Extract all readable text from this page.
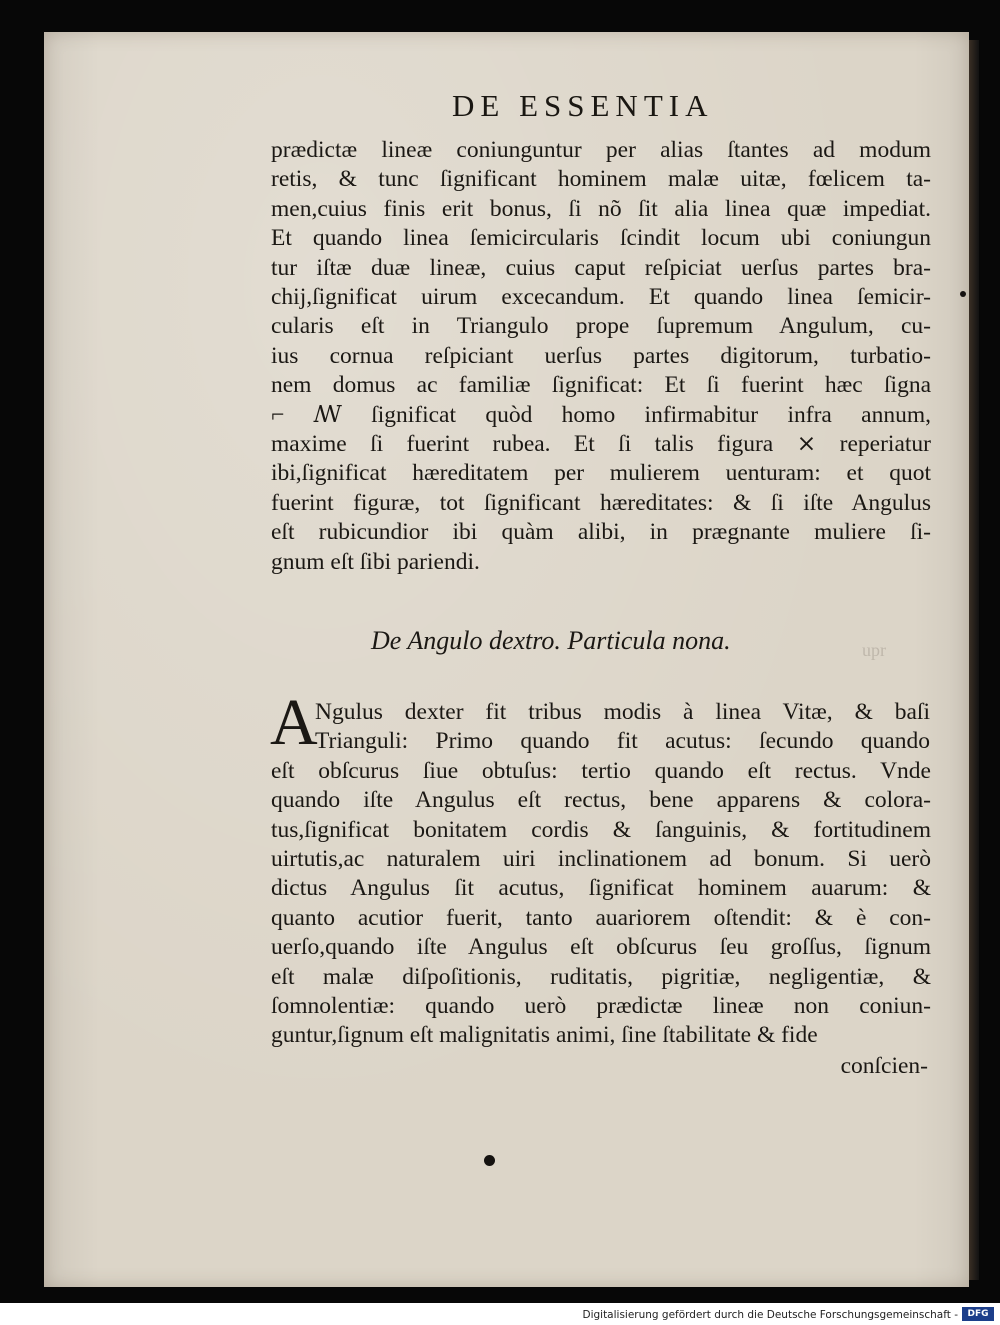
DE ESSENTIA
prædictæ lineæ coniunguntur per alias ſtantes ad modum
retis, & tunc ſignificant hominem malæ uitæ, fœlicem ta-
men,cuius finis erit bonus, ſi nõ ſit alia linea quæ impediat.
Et quando linea ſemicircularis ſcindit locum ubi coniungun
tur iſtæ duæ lineæ, cuius caput reſpiciat uerſus partes bra-
chij,ſignificat uirum excecandum. Et quando linea ſemicir-
cularis eſt in Triangulo prope ſupremum Angulum, cu-
ius cornua reſpiciant uerſus partes digitorum, turbatio-
nem domus ac familiæ ſignificat: Et ſi fuerint hæc ſigna
⌐ ꟿ ſignificat quòd homo infirmabitur infra annum,
maxime ſi fuerint rubea. Et ſi talis figura ⨯ reperiatur
ibi,ſignificat hæreditatem per mulierem uenturam: et quot
fuerint figuræ, tot ſignificant hæreditates: & ſi iſte Angulus
eſt rubicundior ibi quàm alibi, in prægnante muliere ſi-
gnum eſt ſibi pariendi.
De Angulo dextro. Particula nona.
A
Ngulus dexter fit tribus modis à linea Vitæ, & baſi
Trianguli: Primo quando fit acutus: ſecundo quando
eſt obſcurus ſiue obtuſus: tertio quando eſt rectus. Vnde
quando iſte Angulus eſt rectus, bene apparens & colora-
tus,ſignificat bonitatem cordis & ſanguinis, & fortitudinem
uirtutis,ac naturalem uiri inclinationem ad bonum. Si uerò
dictus Angulus ſit acutus, ſignificat hominem auarum: &
quanto acutior fuerit, tanto auariorem oſtendit: & è con-
uerſo,quando iſte Angulus eſt obſcurus ſeu groſſus, ſignum
eſt malæ diſpoſitionis, ruditatis, pigritiæ, negligentiæ, &
ſomnolentiæ: quando uerò prædictæ lineæ non coniun-
guntur,ſignum eſt malignitatis animi, ſine ſtabilitate & fide
conſcien-
upr
Digitalisierung gefördert durch die Deutsche Forschungsgemeinschaft -	DFG
